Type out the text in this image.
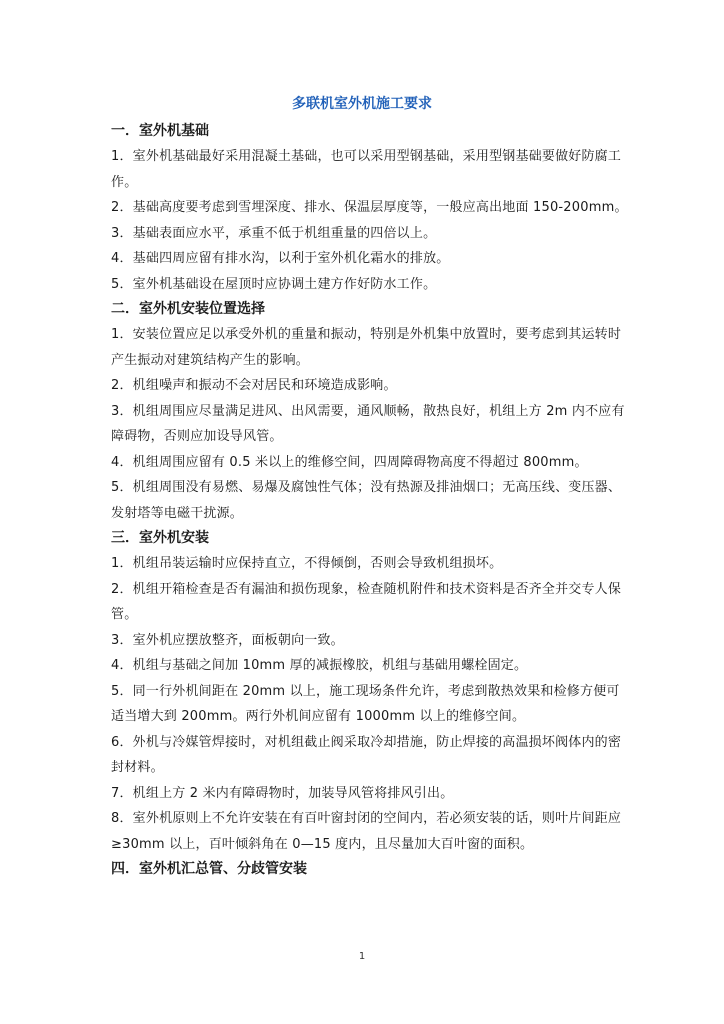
多联机室外机施工要求
一．室外机基础
1．室外机基础最好采用混凝土基础，也可以采用型钢基础，采用型钢基础要做好防腐工作。
2．基础高度要考虑到雪埋深度、排水、保温层厚度等，一般应高出地面 150-200mm。
3．基础表面应水平，承重不低于机组重量的四倍以上。
4．基础四周应留有排水沟，以利于室外机化霜水的排放。
5．室外机基础设在屋顶时应协调土建方作好防水工作。
二．室外机安装位置选择
1．安装位置应足以承受外机的重量和振动，特别是外机集中放置时，要考虑到其运转时产生振动对建筑结构产生的影响。
2．机组噪声和振动不会对居民和环境造成影响。
3．机组周围应尽量满足进风、出风需要，通风顺畅，散热良好，机组上方 2m 内不应有障碍物，否则应加设导风管。
4．机组周围应留有 0.5 米以上的维修空间，四周障碍物高度不得超过 800mm。
5．机组周围没有易燃、易爆及腐蚀性气体；没有热源及排油烟口；无高压线、变压器、发射塔等电磁干扰源。
三．室外机安装
1．机组吊装运输时应保持直立，不得倾倒，否则会导致机组损坏。
2．机组开箱检查是否有漏油和损伤现象，检查随机附件和技术资料是否齐全并交专人保管。
3．室外机应摆放整齐，面板朝向一致。
4．机组与基础之间加 10mm 厚的减振橡胶，机组与基础用螺栓固定。
5．同一行外机间距在 20mm 以上，施工现场条件允许，考虑到散热效果和检修方便可适当增大到 200mm。两行外机间应留有 1000mm 以上的维修空间。
6．外机与冷媒管焊接时，对机组截止阀采取冷却措施，防止焊接的高温损坏阀体内的密封材料。
7．机组上方 2 米内有障碍物时，加装导风管将排风引出。
8．室外机原则上不允许安装在有百叶窗封闭的空间内，若必须安装的话，则叶片间距应≥30mm 以上，百叶倾斜角在 0—15 度内，且尽量加大百叶窗的面积。
四．室外机汇总管、分歧管安装
1
